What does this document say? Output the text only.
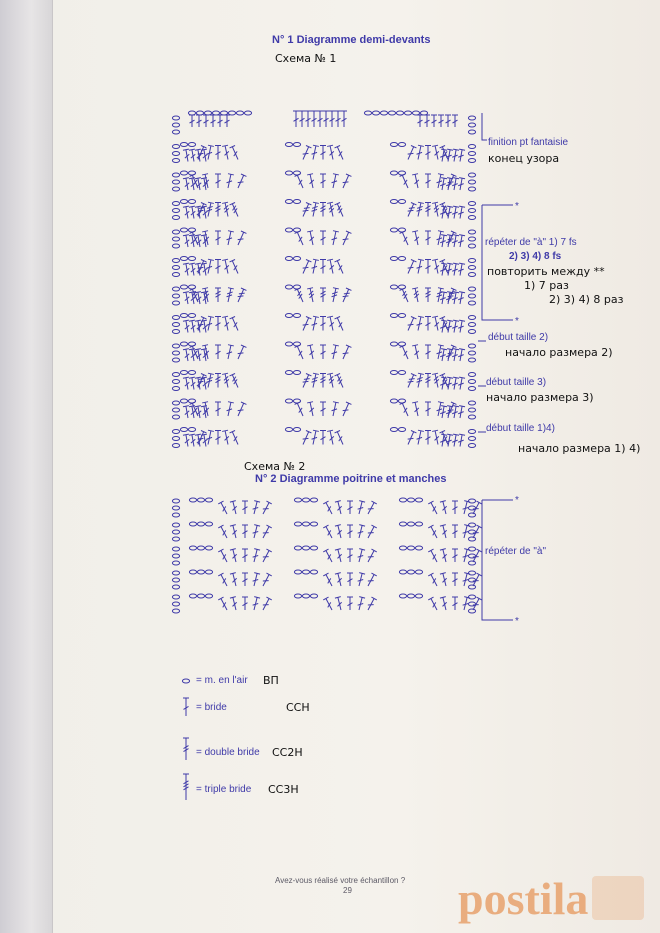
N° 1 Diagramme demi-devants
Схема № 1
finition pt fantaisie
конец узора
répéter de "à" 1) 7 fs
2) 3) 4) 8 fs
повторить между **
1) 7 раз
2) 3) 4) 8 раз
début taille 2)
начало размера 2)
début taille 3)
начало размера 3)
début taille 1)4)
начало размера 1) 4)
Схема № 2
N° 2 Diagramme poitrine et manches
répéter de "à"
= m. en l'air ВП
= bride	ССН
= double bride СС2Н
= triple bride СС3Н
Avez-vous réalisé votre échantillon ?
29 postila
*
*
*
*
